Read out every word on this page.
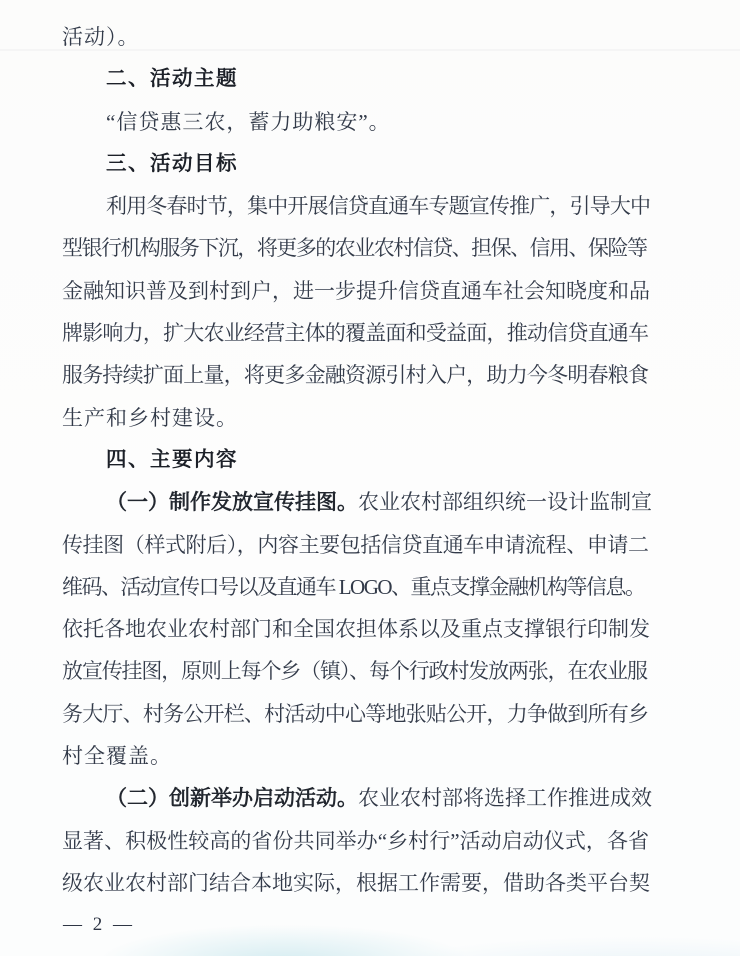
活动）。
二、活动主题
“信贷惠三农，蓄力助粮安”。
三、活动目标
利用冬春时节，集中开展信贷直通车专题宣传推广，引导大中
型银行机构服务下沉，将更多的农业农村信贷、担保、信用、保险等
金融知识普及到村到户，进一步提升信贷直通车社会知晓度和品
牌影响力，扩大农业经营主体的覆盖面和受益面，推动信贷直通车
服务持续扩面上量，将更多金融资源引村入户，助力今冬明春粮食
生产和乡村建设。
四、主要内容
（一）制作发放宣传挂图。农业农村部组织统一设计监制宣
传挂图（样式附后），内容主要包括信贷直通车申请流程、申请二
维码、活动宣传口号以及直通车 LOGO、重点支撑金融机构等信息。
依托各地农业农村部门和全国农担体系以及重点支撑银行印制发
放宣传挂图，原则上每个乡（镇）、每个行政村发放两张，在农业服
务大厅、村务公开栏、村活动中心等地张贴公开，力争做到所有乡
村全覆盖。
（二）创新举办启动活动。农业农村部将选择工作推进成效
显著、积极性较高的省份共同举办“乡村行”活动启动仪式，各省
级农业农村部门结合本地实际，根据工作需要，借助各类平台契
— 2 —
